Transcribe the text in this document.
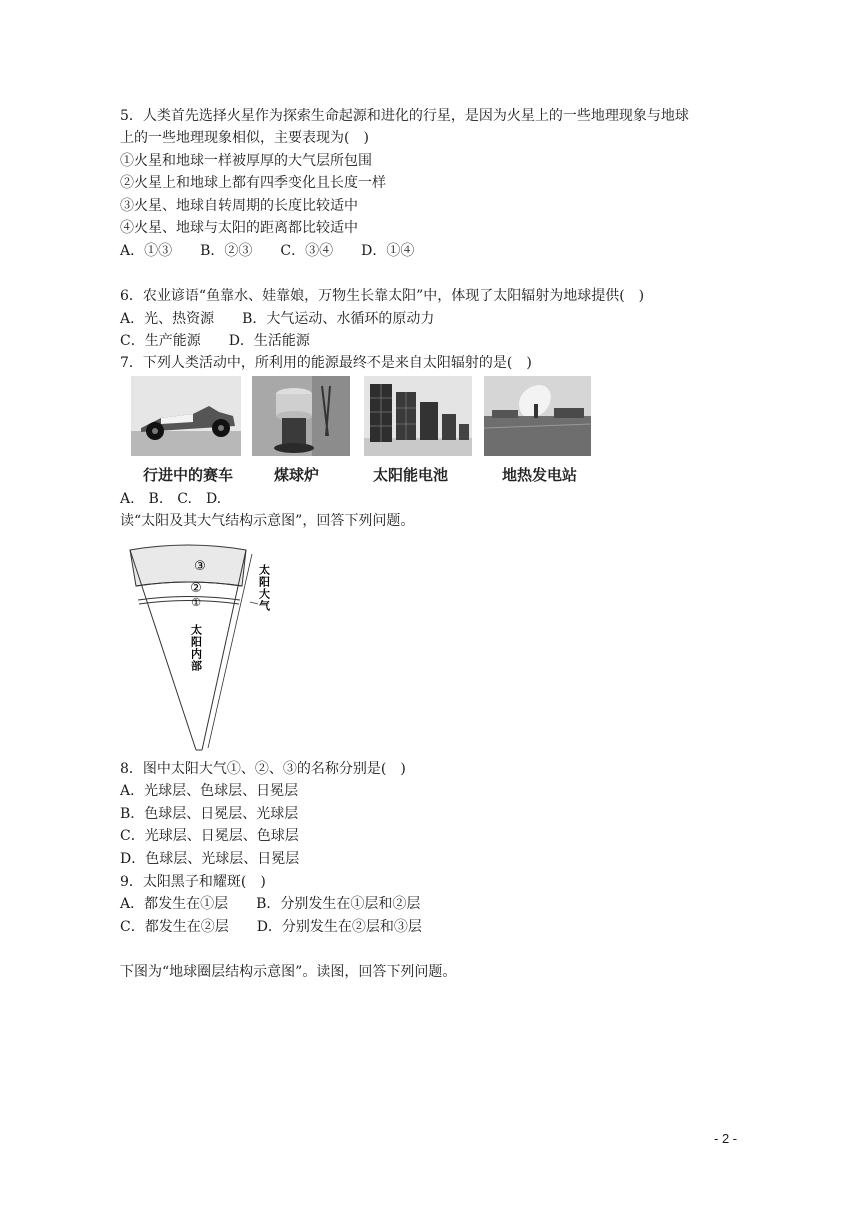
5．人类首先选择火星作为探索生命起源和进化的行星，是因为火星上的一些地理现象与地球
上的一些地理现象相似，主要表现为(　)
①火星和地球一样被厚厚的大气层所包围
②火星上和地球上都有四季变化且长度一样
③火星、地球自转周期的长度比较适中
④火星、地球与太阳的距离都比较适中
A．①③　　B．②③　　C．③④　　D．①④
6．农业谚语“鱼靠水、娃靠娘，万物生长靠太阳”中，体现了太阳辐射为地球提供(　)
A．光、热资源　　B．大气运动、水循环的原动力
C．生产能源　　D．生活能源
7．下列人类活动中，所利用的能源最终不是来自太阳辐射的是(　)
行进中的赛车	煤球炉	太阳能电池	地热发电站
A.　B.　C.　D.
读“太阳及其大气结构示意图”，回答下列问题。
③
②
①	太阳大气
太阳内部
8．图中太阳大气①、②、③的名称分别是(　)
A．光球层、色球层、日冕层
B．色球层、日冕层、光球层
C．光球层、日冕层、色球层
D．色球层、光球层、日冕层
9．太阳黑子和耀斑(　)
A．都发生在①层　　B．分别发生在①层和②层
C．都发生在②层　　D．分别发生在②层和③层
下图为“地球圈层结构示意图”。读图，回答下列问题。
- 2 -
